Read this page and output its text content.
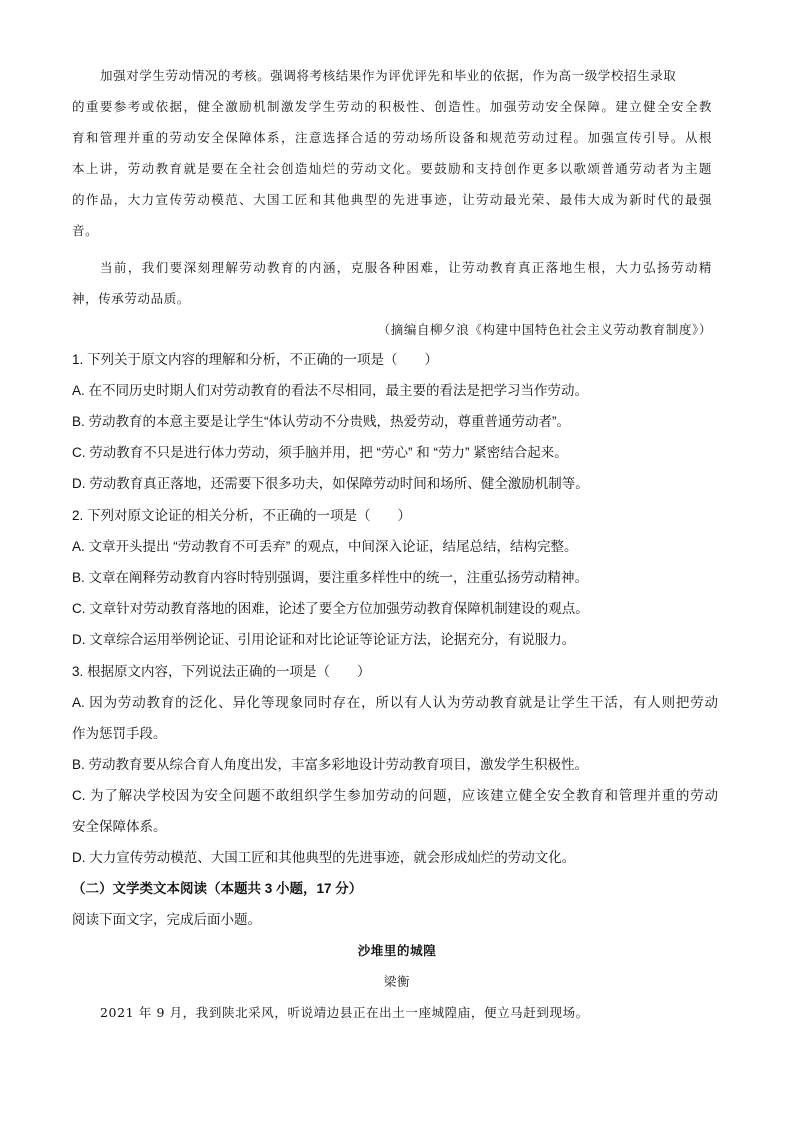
加强对学生劳动情况的考核。强调将考核结果作为评优评先和毕业的依据，作为高一级学校招生录取
的重要参考或依据，健全激励机制激发学生劳动的积极性、创造性。加强劳动安全保障。建立健全安全教
育和管理并重的劳动安全保障体系，注意选择合适的劳动场所设备和规范劳动过程。加强宣传引导。从根
本上讲，劳动教育就是要在全社会创造灿烂的劳动文化。要鼓励和支持创作更多以歌颂普通劳动者为主题
的作品，大力宣传劳动模范、大国工匠和其他典型的先进事迹，让劳动最光荣、最伟大成为新时代的最强
音。
当前，我们要深刻理解劳动教育的内涵，克服各种困难，让劳动教育真正落地生根，大力弘扬劳动精
神，传承劳动品质。
（摘编自柳夕浪《构建中国特色社会主义劳动教育制度》）
1. 下列关于原文内容的理解和分析，不正确的一项是（　　）
A. 在不同历史时期人们对劳动教育的看法不尽相同，最主要的看法是把学习当作劳动。
B. 劳动教育的本意主要是让学生“体认劳动不分贵贱，热爱劳动，尊重普通劳动者”。
C. 劳动教育不只是进行体力劳动，须手脑并用，把 “劳心” 和 “劳力” 紧密结合起来。
D. 劳动教育真正落地，还需要下很多功夫，如保障劳动时间和场所、健全激励机制等。
2. 下列对原文论证的相关分析，不正确的一项是（　　）
A. 文章开头提出 “劳动教育不可丢弃” 的观点，中间深入论证，结尾总结，结构完整。
B. 文章在阐释劳动教育内容时特别强调，要注重多样性中的统一，注重弘扬劳动精神。
C. 文章针对劳动教育落地的困难，论述了要全方位加强劳动教育保障机制建设的观点。
D. 文章综合运用举例论证、引用论证和对比论证等论证方法，论据充分，有说服力。
3. 根据原文内容，下列说法正确的一项是（　　）
A. 因为劳动教育的泛化、异化等现象同时存在，所以有人认为劳动教育就是让学生干活，有人则把劳动
作为惩罚手段。
B. 劳动教育要从综合育人角度出发，丰富多彩地设计劳动教育项目，激发学生积极性。
C. 为了解决学校因为安全问题不敢组织学生参加劳动的问题，应该建立健全安全教育和管理并重的劳动
安全保障体系。
D. 大力宣传劳动模范、大国工匠和其他典型的先进事迹，就会形成灿烂的劳动文化。
（二）文学类文本阅读（本题共 3 小题，17 分）
阅读下面文字，完成后面小题。
沙堆里的城隍
梁衡
2021 年 9 月，我到陕北采风，听说靖边县正在出土一座城隍庙，便立马赶到现场。
